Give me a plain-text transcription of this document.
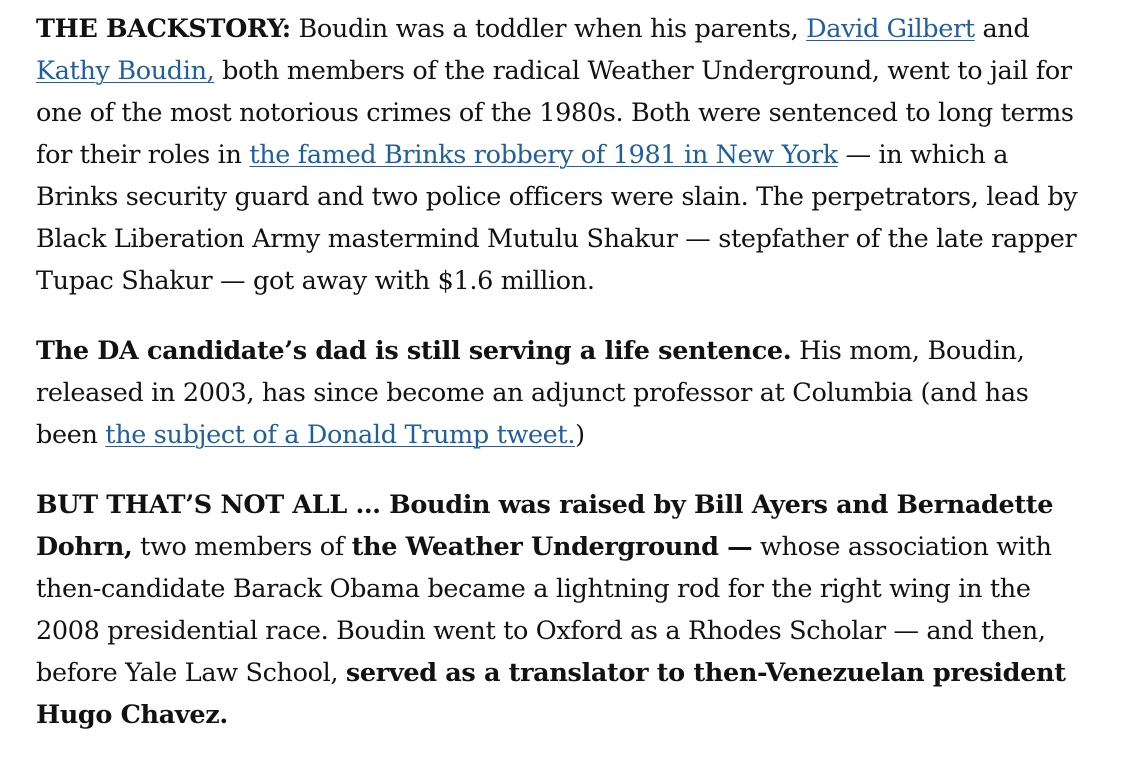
THE BACKSTORY: Boudin was a toddler when his parents, David Gilbert and Kathy Boudin, both members of the radical Weather Underground, went to jail for one of the most notorious crimes of the 1980s. Both were sentenced to long terms for their roles in the famed Brinks robbery of 1981 in New York — in which a Brinks security guard and two police officers were slain. The perpetrators, lead by Black Liberation Army mastermind Mutulu Shakur — stepfather of the late rapper Tupac Shakur — got away with $1.6 million.

The DA candidate’s dad is still serving a life sentence. His mom, Boudin, released in 2003, has since become an adjunct professor at Columbia (and has been the subject of a Donald Trump tweet.)

BUT THAT’S NOT ALL … Boudin was raised by Bill Ayers and Bernadette Dohrn, two members of the Weather Underground — whose association with then-candidate Barack Obama became a lightning rod for the right wing in the 2008 presidential race. Boudin went to Oxford as a Rhodes Scholar — and then, before Yale Law School, served as a translator to then-Venezuelan president Hugo Chavez.
